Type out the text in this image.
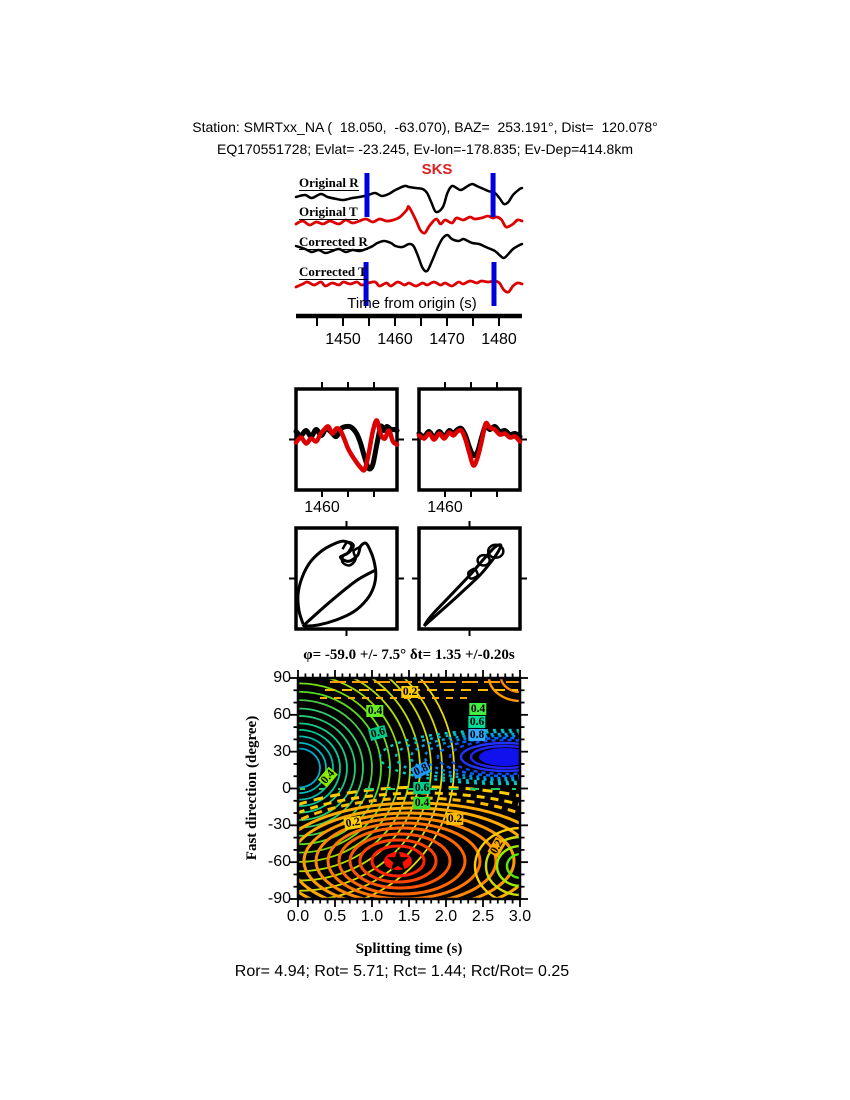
Station: SMRTxx_NA (  18.050,  -63.070), BAZ=  253.191°, Dist=  120.078°
EQ170551728; Evlat= -23.245, Ev-lon=-178.835; Ev-Dep=414.8km
Original R
Original T
Corrected R
Corrected T
SKS
Time from origin (s)
1460	1460
φ= -59.0 +/- 7.5° δt= 1.35 +/-0.20s
Fast direction (degree)
Splitting time (s)
Ror= 4.94; Rot= 5.71; Rct= 1.44; Rct/Rot= 0.25
1450 1460 1470 1480
90
60
30
0
-30
-60
-90
0.0 0.5 1.0 1.5 2.0 2.5 3.0
0.2
0.4	0.4
0.6
0.8
0.6
0.8
0.6
0.4
0.4
0.2	0.2
0.2
